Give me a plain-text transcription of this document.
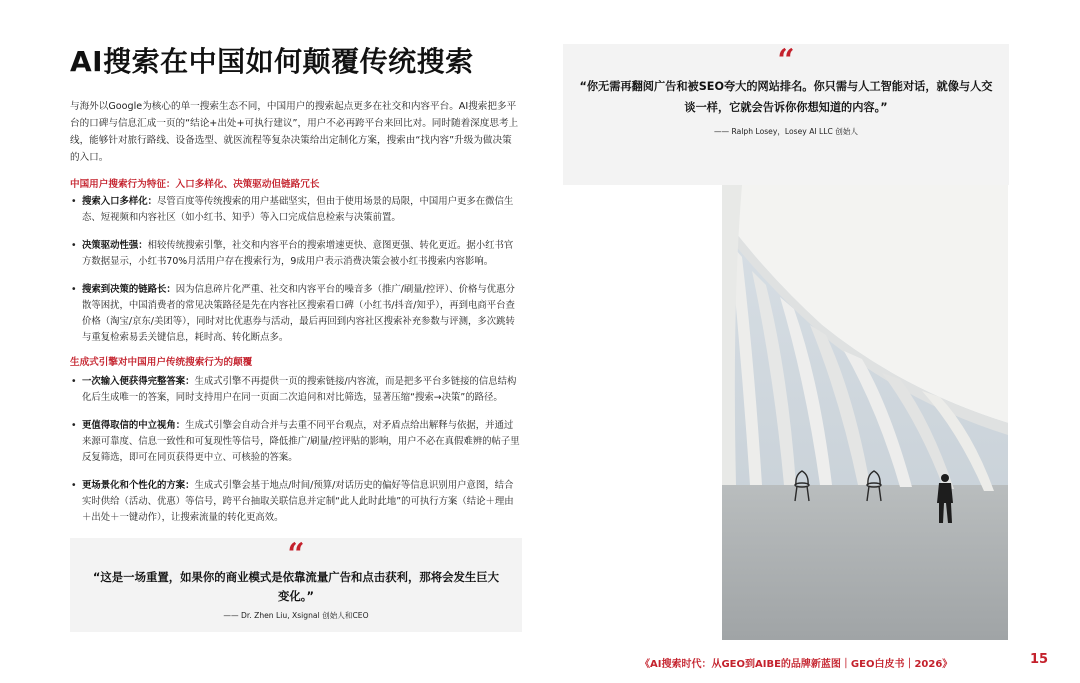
AI搜索在中国如何颠覆传统搜索

与海外以Google为核心的单一搜索生态不同，中国用户的搜索起点更多在社交和内容平台。AI搜索把多平台的口碑与信息汇成一页的“结论+出处+可执行建议”，用户不必再跨平台来回比对。同时随着深度思考上线，能够针对旅行路线、设备选型、就医流程等复杂决策给出定制化方案，搜索由“找内容”升级为做决策的入口。

中国用户搜索行为特征：入口多样化、决策驱动但链路冗长
• 搜索入口多样化：尽管百度等传统搜索的用户基础坚实，但由于使用场景的局限，中国用户更多在微信生态、短视频和内容社区（如小红书、知乎）等入口完成信息检索与决策前置。
• 决策驱动性强：相较传统搜索引擎，社交和内容平台的搜索增速更快、意图更强、转化更近。据小红书官方数据显示，小红书70%月活用户存在搜索行为，9成用户表示消费决策会被小红书搜索内容影响。
• 搜索到决策的链路长：因为信息碎片化严重、社交和内容平台的噪音多（推广/刷量/控评）、价格与优惠分散等困扰，中国消费者的常见决策路径是先在内容社区搜索看口碑（小红书/抖音/知乎），再到电商平台查价格（淘宝/京东/美团等），同时对比优惠券与活动，最后再回到内容社区搜索补充参数与评测，多次跳转与重复检索易丢关键信息，耗时高、转化断点多。
生成式引擎对中国用户传统搜索行为的颠覆
• 一次输入便获得完整答案：生成式引擎不再提供一页的搜索链接/内容流，而是把多平台多链接的信息结构化后生成唯一的答案，同时支持用户在同一页面二次追问和对比筛选，显著压缩“搜索→决策”的路径。
• 更值得取信的中立视角：生成式引擎会自动合并与去重不同平台观点，对矛盾点给出解释与依据，并通过来源可靠度、信息一致性和可复现性等信号，降低推广/刷量/控评贴的影响，用户不必在真假难辨的帖子里反复筛选，即可在同页获得更中立、可核验的答案。
• 更场景化和个性化的方案：生成式引擎会基于地点/时间/预算/对话历史的偏好等信息识别用户意图，结合实时供给（活动、优惠）等信号，跨平台抽取关联信息并定制“此人此时此地”的可执行方案（结论＋理由＋出处＋一键动作），让搜索流量的转化更高效。
“

“你无需再翻阅广告和被SEO夸大的网站排名。你只需与人工智能对话，就像与人交谈一样，它就会告诉你你想知道的内容。”

—— Ralph Losey，Losey AI LLC 创始人
“

“这是一场重置，如果你的商业模式是依靠流量广告和点击获利，那将会发生巨大变化。”

—— Dr. Zhen Liu, Xsignal 创始人和CEO
《AI搜索时代：从GEO到AIBE的品牌新蓝图｜GEO白皮书｜2026》	15
